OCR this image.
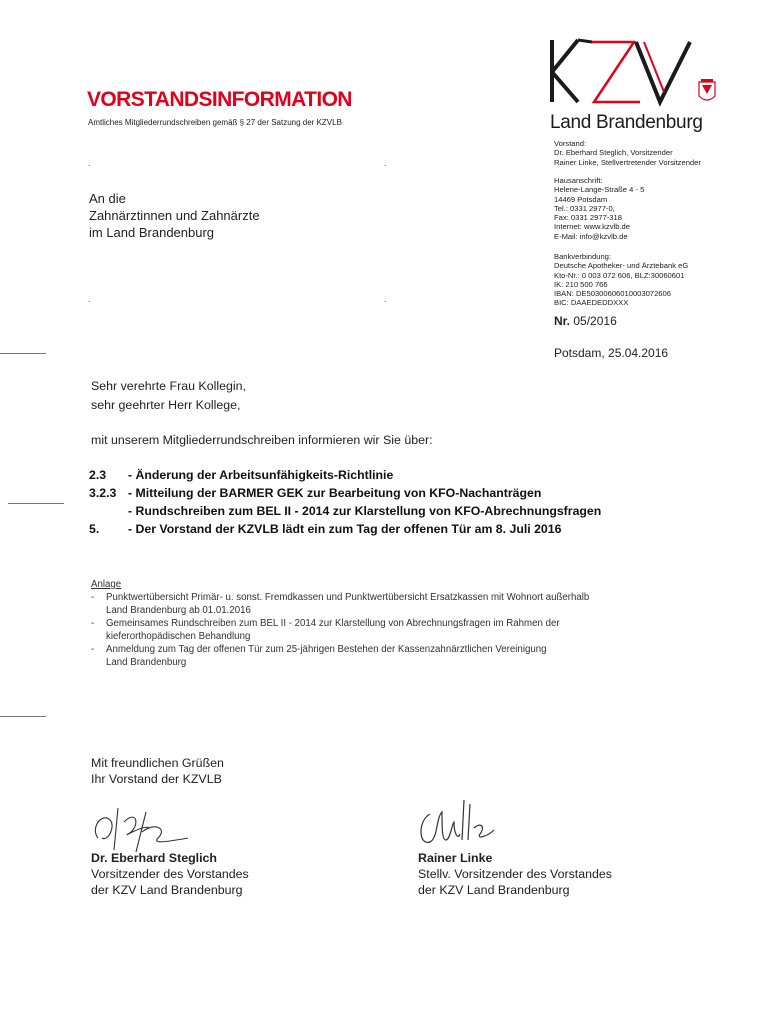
VORSTANDSINFORMATION
Amtliches Mitgliederrundschreiben gemäß § 27 der Satzung der KZVLB	Land Brandenburg
.	.
.	.
An die
Zahnärztinnen und Zahnärzte
im Land Brandenburg
Vorstand:
Dr. Eberhard Steglich, Vorsitzender
Rainer Linke, Stellvertretender Vorsitzender
Hausanschrift:
Helene-Lange-Straße 4 - 5
14469 Potsdam
Tel.: 0331 2977-0,
Fax: 0331 2977-318
Internet: www.kzvlb.de
E-Mail: info@kzvlb.de
Bankverbindung:
Deutsche Apotheker- und Ärztebank eG
Kto-Nr.: 0 003 072 606, BLZ:30060601
IK: 210 500 766
IBAN: DE50300606010003072606
BIC: DAAEDEDDXXX
Nr. 05/2016
Potsdam, 25.04.2016
Sehr verehrte Frau Kollegin,
sehr geehrter Herr Kollege,
mit unserem Mitgliederrundschreiben informieren wir Sie über:
2.3	- Änderung der Arbeitsunfähigkeits-Richtlinie
3.2.3 - Mitteilung der BARMER GEK zur Bearbeitung von KFO-Nachanträgen
- Rundschreiben zum BEL II - 2014 zur Klarstellung von KFO-Abrechnungsfragen
5.	- Der Vorstand der KZVLB lädt ein zum Tag der offenen Tür am 8. Juli 2016
Anlage
-	Punktwertübersicht Primär- u. sonst. Fremdkassen und Punktwertübersicht Ersatzkassen mit Wohnort außerhalb
Land Brandenburg ab 01.01.2016
-	Gemeinsames Rundschreiben zum BEL II - 2014 zur Klarstellung von Abrechnungsfragen im Rahmen der
kieferorthopädischen Behandlung
-	Anmeldung zum Tag der offenen Tür zum 25-jährigen Bestehen der Kassenzahnärztlichen Vereinigung
Land Brandenburg
Mit freundlichen Grüßen
Ihr Vorstand der KZVLB
Dr. Eberhard Steglich
Vorsitzender des Vorstandes
der KZV Land Brandenburg
Rainer Linke
Stellv. Vorsitzender des Vorstandes
der KZV Land Brandenburg
